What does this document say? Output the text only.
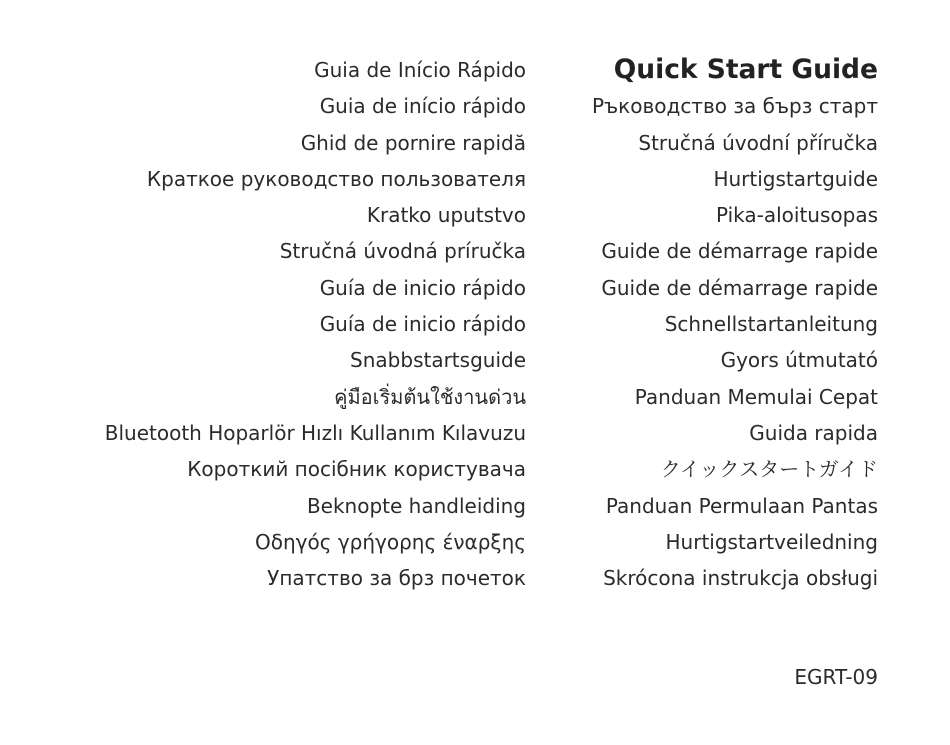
Guia de Início Rápido
Guia de início rápido
Ghid de pornire rapidă
Краткое руководство пользователя
Kratko uputstvo
Stručná úvodná príručka
Guía de inicio rápido
Guía de inicio rápido
Snabbstartsguide
คู่มือเริ่มต้นใช้งานด่วน
Bluetooth Hoparlör Hızlı Kullanım Kılavuzu
Короткий посібник користувача
Beknopte handleiding
Οδηγός γρήγορης έναρξης
Упатство за брз почеток
Quick Start Guide
Ръководство за бърз старт
Stručná úvodní příručka
Hurtigstartguide
Pika-aloitusopas
Guide de démarrage rapide
Guide de démarrage rapide
Schnellstartanleitung
Gyors útmutató
Panduan Memulai Cepat
Guida rapida
クイックスタートガイド
Panduan Permulaan Pantas
Hurtigstartveiledning
Skrócona instrukcja obsługi
EGRT-09
